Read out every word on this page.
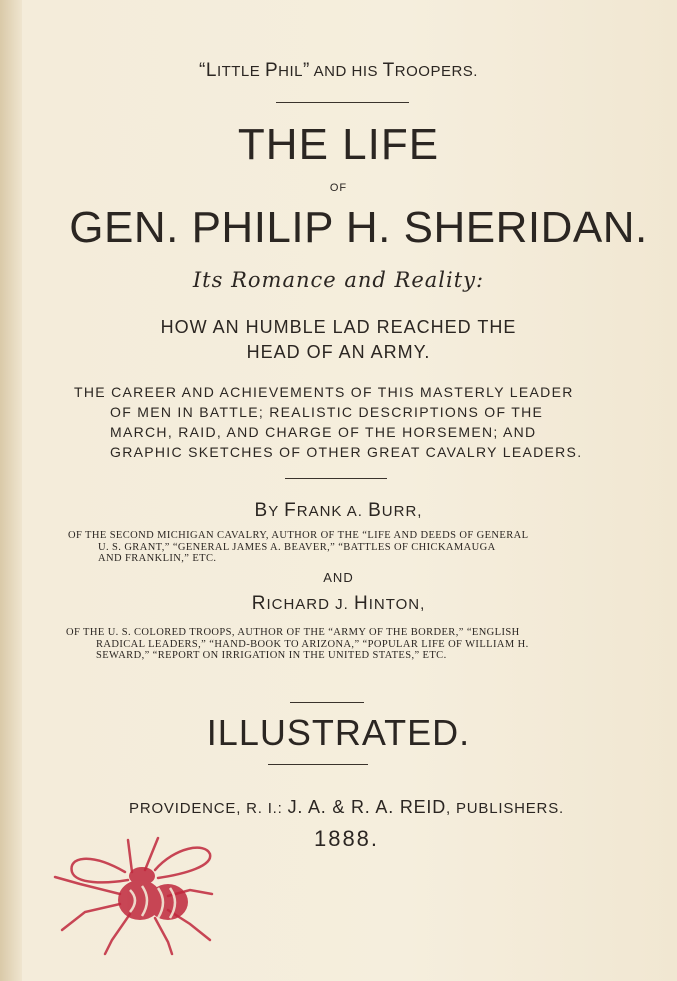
“LITTLE PHIL” AND HIS TROOPERS.
THE LIFE
OF
GEN. PHILIP H. SHERIDAN.
Its Romance and Reality:
HOW AN HUMBLE LAD REACHED THE
HEAD OF AN ARMY.
THE CAREER AND ACHIEVEMENTS OF THIS MASTERLY LEADER
OF MEN IN BATTLE; REALISTIC DESCRIPTIONS OF THE
MARCH, RAID, AND CHARGE OF THE HORSEMEN; AND
GRAPHIC SKETCHES OF OTHER GREAT CAVALRY LEADERS.
BY FRANK A. BURR,
OF THE SECOND MICHIGAN CAVALRY, AUTHOR OF THE “LIFE AND DEEDS OF GENERAL
U. S. GRANT,” “GENERAL JAMES A. BEAVER,” “BATTLES OF CHICKAMAUGA
AND FRANKLIN,” ETC.
AND
RICHARD J. HINTON,
OF THE U. S. COLORED TROOPS, AUTHOR OF THE “ARMY OF THE BORDER,” “ENGLISH
RADICAL LEADERS,” “HAND-BOOK TO ARIZONA,” “POPULAR LIFE OF WILLIAM H.
SEWARD,” “REPORT ON IRRIGATION IN THE UNITED STATES,” ETC.
ILLUSTRATED.
PROVIDENCE, R. I.: J. A. & R. A. REID, PUBLISHERS.
1888.
